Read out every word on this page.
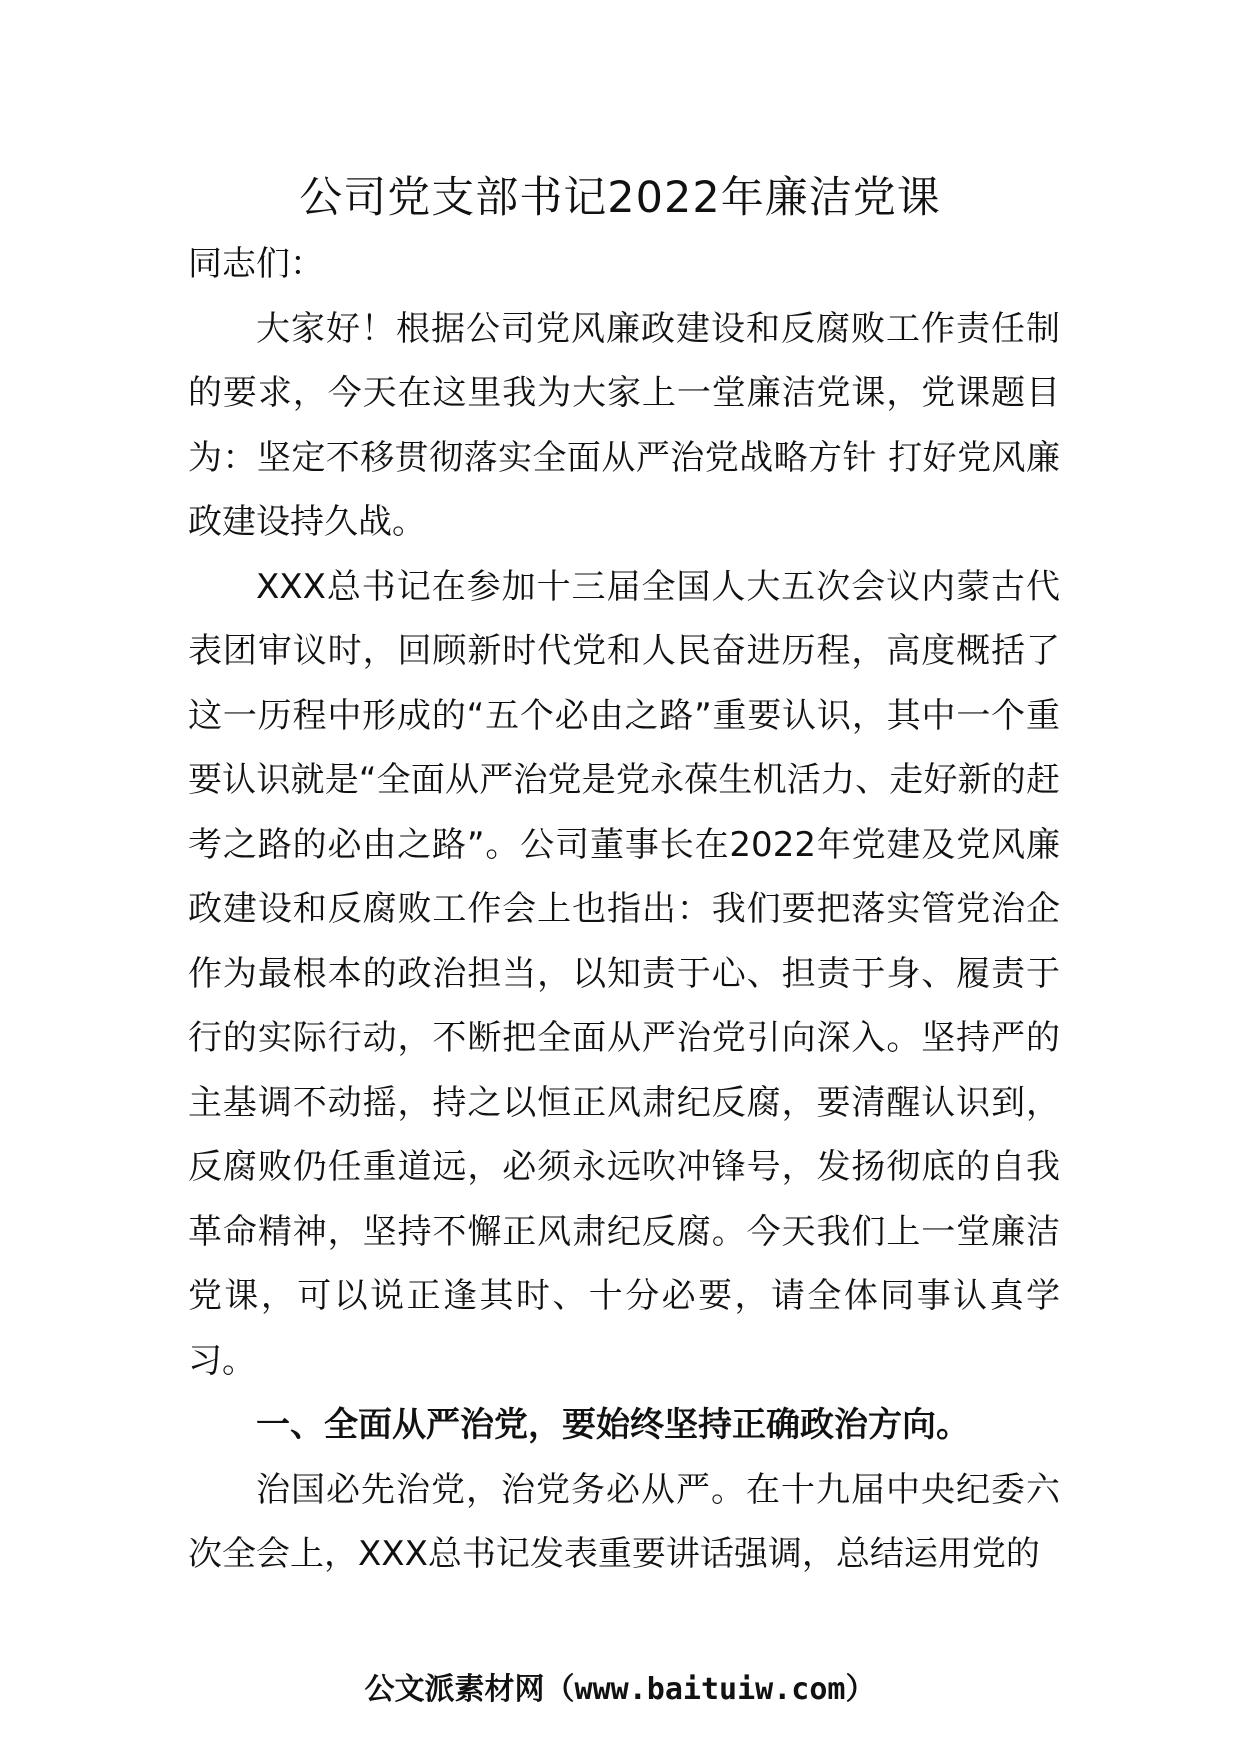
公司党支部书记2022年廉洁党课

同志们：

大家好！根据公司党风廉政建设和反腐败工作责任制的要求，今天在这里我为大家上一堂廉洁党课，党课题目为：坚定不移贯彻落实全面从严治党战略方针 打好党风廉政建设持久战。

XXX总书记在参加十三届全国人大五次会议内蒙古代表团审议时，回顾新时代党和人民奋进历程，高度概括了这一历程中形成的“五个必由之路”重要认识，其中一个重要认识就是“全面从严治党是党永葆生机活力、走好新的赶考之路的必由之路”。公司董事长在2022年党建及党风廉政建设和反腐败工作会上也指出：我们要把落实管党治企作为最根本的政治担当，以知责于心、担责于身、履责于行的实际行动，不断把全面从严治党引向深入。坚持严的主基调不动摇，持之以恒正风肃纪反腐，要清醒认识到，反腐败仍任重道远，必须永远吹冲锋号，发扬彻底的自我革命精神，坚持不懈正风肃纪反腐。今天我们上一堂廉洁党课，可以说正逢其时、十分必要，请全体同事认真学习。

一、全面从严治党，要始终坚持正确政治方向。

治国必先治党，治党务必从严。在十九届中央纪委六次全会上，XXX总书记发表重要讲话强调，总结运用党的

公文派素材网（www.baituiw.com）
